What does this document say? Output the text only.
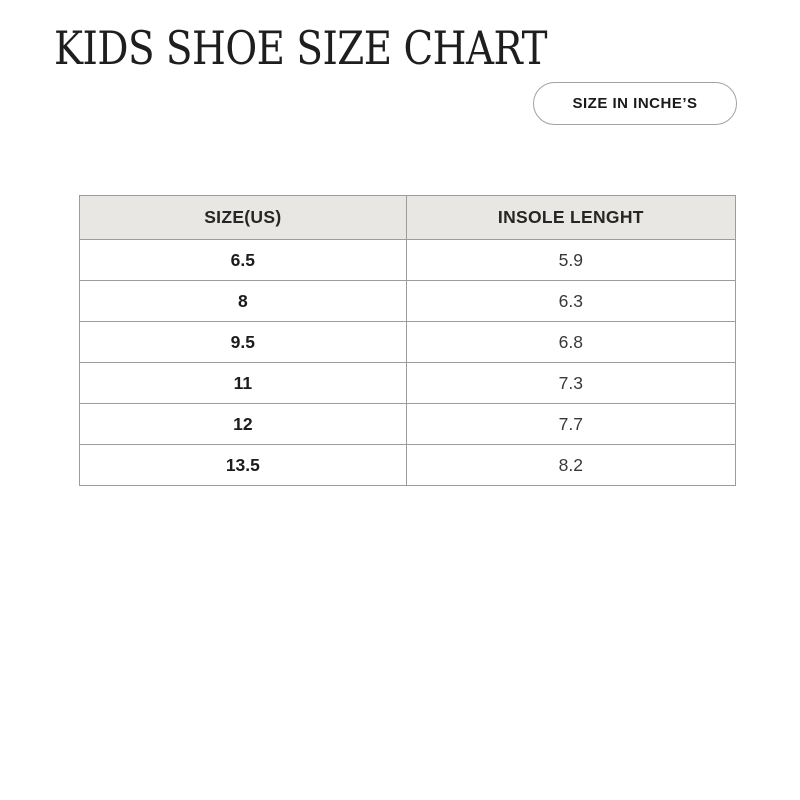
KIDS SHOE SIZE CHART
SIZE IN INCHE’S
SIZE(US)	INSOLE LENGHT
6.5	5.9
8	6.3
9.5	6.8
11	7.3
12	7.7
13.5	8.2
